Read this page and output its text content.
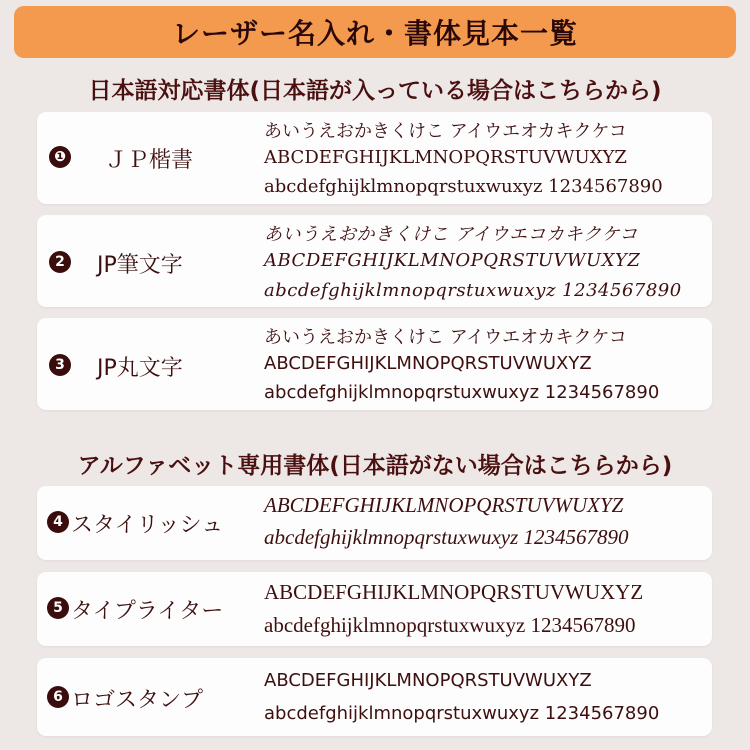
レーザー名入れ・書体見本一覧
日本語対応書体(日本語が入っている場合はこちらから)
❶ ＪＰ楷書
あいうえおかきくけこ アイウエオカキクケコ
ABCDEFGHIJKLMNOPQRSTUVWUXYZ
abcdefghijklmnopqrstuxwuxyz 1234567890
2 JP筆文字
あいうえおかきくけこ アイウエコカキクケコ
ABCDEFGHIJKLMNOPQRSTUVWUXYZ
abcdefghijklmnopqrstuxwuxyz 1234567890
3 JP丸文字
あいうえおかきくけこ アイウエオカキクケコ
ABCDEFGHIJKLMNOPQRSTUVWUXYZ
abcdefghijklmnopqrstuxwuxyz 1234567890
アルファベット専用書体(日本語がない場合はこちらから)
4 スタイリッシュ
ABCDEFGHIJKLMNOPQRSTUVWUXYZ
abcdefghijklmnopqrstuxwuxyz 1234567890
5 タイプライター
ABCDEFGHIJKLMNOPQRSTUVWUXYZ
abcdefghijklmnopqrstuxwuxyz 1234567890
6 ロゴスタンプ
ABCDEFGHIJKLMNOPQRSTUVWUXYZ
abcdefghijklmnopqrstuxwuxyz 1234567890
